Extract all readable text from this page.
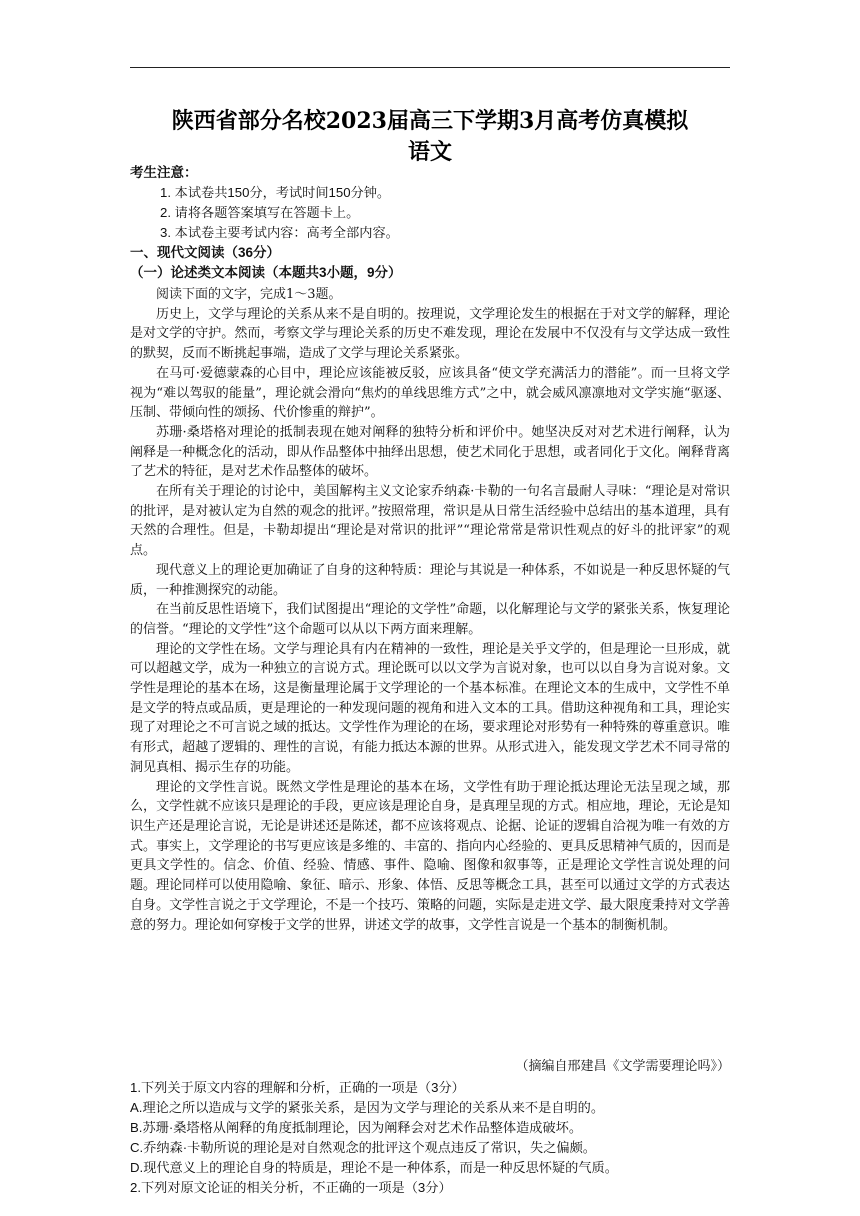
陕西省部分名校2023届高三下学期3月高考仿真模拟
语文
考生注意：
1. 本试卷共150分，考试时间150分钟。
2. 请将各题答案填写在答题卡上。
3. 本试卷主要考试内容：高考全部内容。
一、现代文阅读（36分）
（一）论述类文本阅读（本题共3小题，9分）

阅读下面的文字，完成1～3题。

历史上，文学与理论的关系从来不是自明的。按理说，文学理论发生的根据在于对文学的解释，理论是对文学的守护。然而，考察文学与理论关系的历史不难发现，理论在发展中不仅没有与文学达成一致性的默契，反而不断挑起事端，造成了文学与理论关系紧张。

在马可·爱德蒙森的心目中，理论应该能被反驳，应该具备“使文学充满活力的潜能”。而一旦将文学视为“难以驾驭的能量”，理论就会滑向“焦灼的单线思维方式”之中，就会威风凛凛地对文学实施“驱逐、压制、带倾向性的颂扬、代价惨重的辩护”。

苏珊·桑塔格对理论的抵制表现在她对阐释的独特分析和评价中。她坚决反对对艺术进行阐释，认为阐释是一种概念化的活动，即从作品整体中抽绎出思想，使艺术同化于思想，或者同化于文化。阐释背离了艺术的特征，是对艺术作品整体的破坏。

在所有关于理论的讨论中，美国解构主义文论家乔纳森·卡勒的一句名言最耐人寻味：“理论是对常识的批评，是对被认定为自然的观念的批评。”按照常理，常识是从日常生活经验中总结出的基本道理，具有天然的合理性。但是，卡勒却提出“理论是对常识的批评”“理论常常是常识性观点的好斗的批评家”的观点。

现代意义上的理论更加确证了自身的这种特质：理论与其说是一种体系，不如说是一种反思怀疑的气质，一种推测探究的动能。

在当前反思性语境下，我们试图提出“理论的文学性”命题，以化解理论与文学的紧张关系，恢复理论的信誉。“理论的文学性”这个命题可以从以下两方面来理解。

理论的文学性在场。文学与理论具有内在精神的一致性，理论是关乎文学的，但是理论一旦形成，就可以超越文学，成为一种独立的言说方式。理论既可以以文学为言说对象，也可以以自身为言说对象。文学性是理论的基本在场，这是衡量理论属于文学理论的一个基本标准。在理论文本的生成中，文学性不单是文学的特点或品质，更是理论的一种发现问题的视角和进入文本的工具。借助这种视角和工具，理论实现了对理论之不可言说之域的抵达。文学性作为理论的在场，要求理论对形势有一种特殊的尊重意识。唯有形式，超越了逻辑的、理性的言说，有能力抵达本源的世界。从形式进入，能发现文学艺术不同寻常的洞见真相、揭示生存的功能。

理论的文学性言说。既然文学性是理论的基本在场，文学性有助于理论抵达理论无法呈现之域，那么，文学性就不应该只是理论的手段，更应该是理论自身，是真理呈现的方式。相应地，理论，无论是知识生产还是理论言说，无论是讲述还是陈述，都不应该将观点、论据、论证的逻辑自洽视为唯一有效的方式。事实上，文学理论的书写更应该是多维的、丰富的、指向内心经验的、更具反思精神气质的，因而是更具文学性的。信念、价值、经验、情感、事件、隐喻、图像和叙事等，正是理论文学性言说处理的问题。理论同样可以使用隐喻、象征、暗示、形象、体悟、反思等概念工具，甚至可以通过文学的方式表达自身。文学性言说之于文学理论，不是一个技巧、策略的问题，实际是走进文学、最大限度秉持对文学善意的努力。理论如何穿梭于文学的世界，讲述文学的故事，文学性言说是一个基本的制衡机制。

（摘编自邢建昌《文学需要理论吗》）
1.下列关于原文内容的理解和分析，正确的一项是（3分）
A.理论之所以造成与文学的紧张关系，是因为文学与理论的关系从来不是自明的。
B.苏珊·桑塔格从阐释的角度抵制理论，因为阐释会对艺术作品整体造成破坏。
C.乔纳森·卡勒所说的理论是对自然观念的批评这个观点违反了常识，失之偏颇。
D.现代意义上的理论自身的特质是，理论不是一种体系，而是一种反思怀疑的气质。
2.下列对原文论证的相关分析，不正确的一项是（3分）
